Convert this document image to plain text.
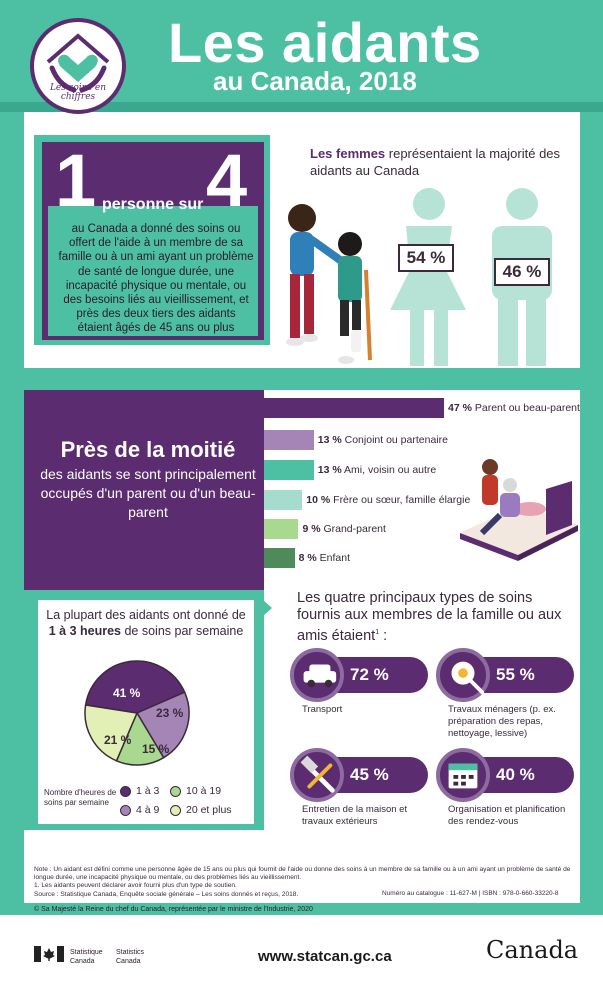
Les soins en chiffres
Les aidants
au Canada, 2018
1 personne sur 4
au Canada a donné des soins ou offert de l'aide à un membre de sa famille ou à un ami ayant un problème de santé de longue durée, une incapacité physique ou mentale, ou des besoins liés au vieillissement, et près des deux tiers des aidants étaient âgés de 45 ans ou plus
Les femmes représentaient la majorité des aidants au Canada
54 %
46 %
Près de la moitié
des aidants se sont principalement occupés d'un parent ou d'un beau-parent
47 % Parent ou beau-parent
13 % Conjoint ou partenaire
13 % Ami, voisin ou autre
10 % Frère ou sœur, famille élargie
9 % Grand-parent
8 % Enfant
La plupart des aidants ont donné de 1 à 3 heures de soins par semaine
41 %
23 %
15 %
21 %
Nombre d'heures de soins par semaine
1 à 3	10 à 19
4 à 9	20 et plus
Les quatre principaux types de soins fournis aux membres de la famille ou aux amis étaient$^1$ :
72 %
Transport
55 %
Travaux ménagers (p. ex. préparation des repas, nettoyage, lessive)
45 %
Entretien de la maison et travaux extérieurs
40 %
Organisation et planification des rendez-vous
Note : Un aidant est défini comme une personne âgée de 15 ans ou plus qui fournit de l'aide ou donne des soins à un membre de sa famille ou à un ami ayant un problème de santé de longue durée, une incapacité physique ou mentale, ou des problèmes liés au vieillissement.
1. Les aidants peuvent déclarer avoir fourni plus d'un type de soutien.
Source : Statistique Canada, Enquête sociale générale – Les soins donnés et reçus, 2018.	Numéro au catalogue : 11-627-M | ISBN : 978-0-660-33220-8
© Sa Majesté la Reine du chef du Canada, représentée par le ministre de l'Industrie, 2020
Statistique
Canada
Statistics
Canada	www.statcan.gc.ca	Canada
